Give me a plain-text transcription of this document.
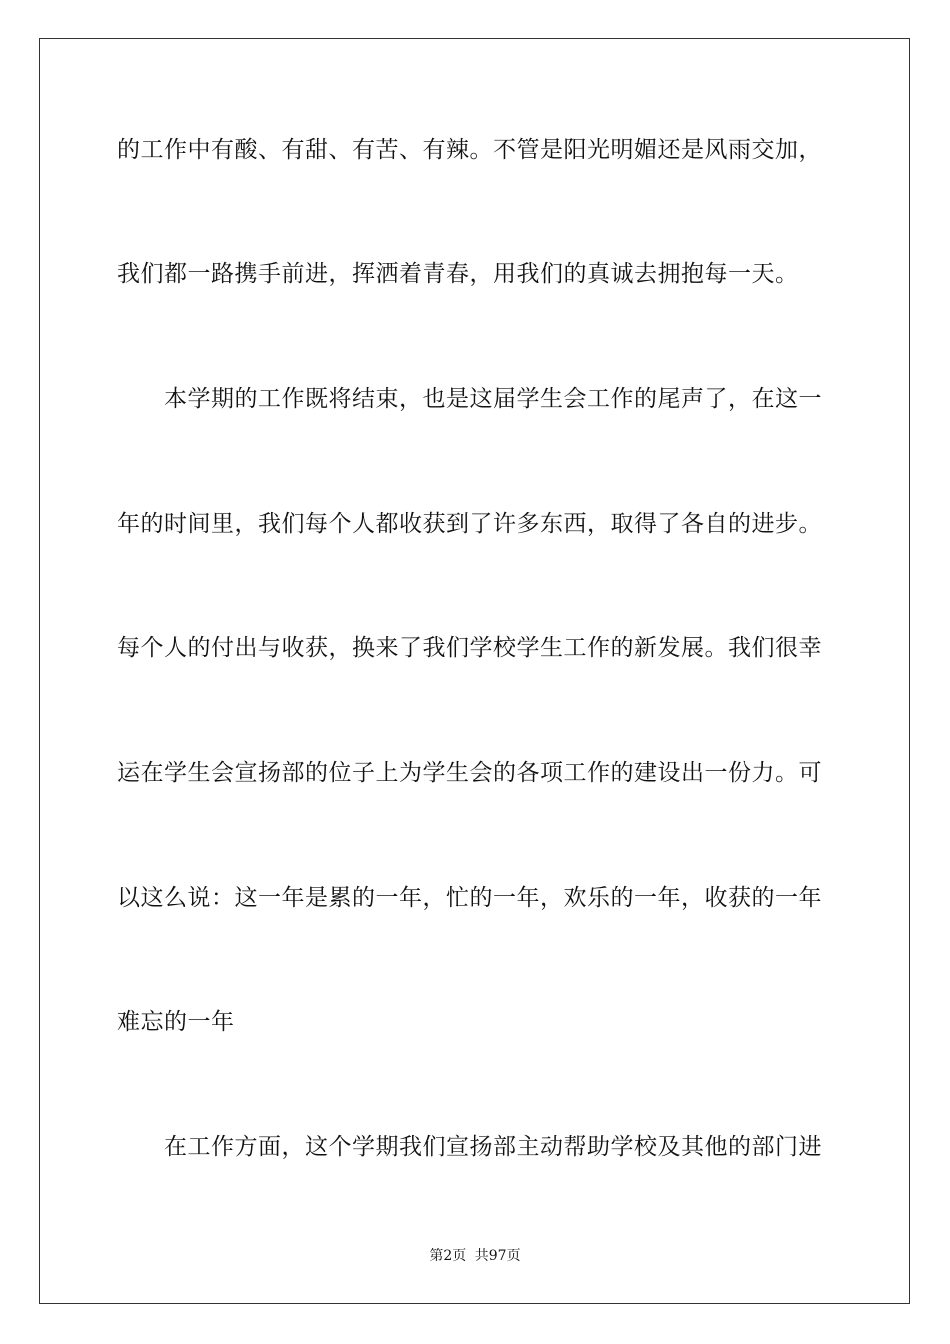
的工作中有酸、有甜、有苦、有辣。不管是阳光明媚还是风雨交加，
我们都一路携手前进，挥洒着青春，用我们的真诚去拥抱每一天。
本学期的工作既将结束，也是这届学生会工作的尾声了，在这一
年的时间里，我们每个人都收获到了许多东西，取得了各自的进步。
每个人的付出与收获，换来了我们学校学生工作的新发展。我们很幸
运在学生会宣扬部的位子上为学生会的各项工作的建设出一份力。可
以这么说：这一年是累的一年，忙的一年，欢乐的一年，收获的一年
难忘的一年
在工作方面，这个学期我们宣扬部主动帮助学校及其他的部门进
第2页 共97页
